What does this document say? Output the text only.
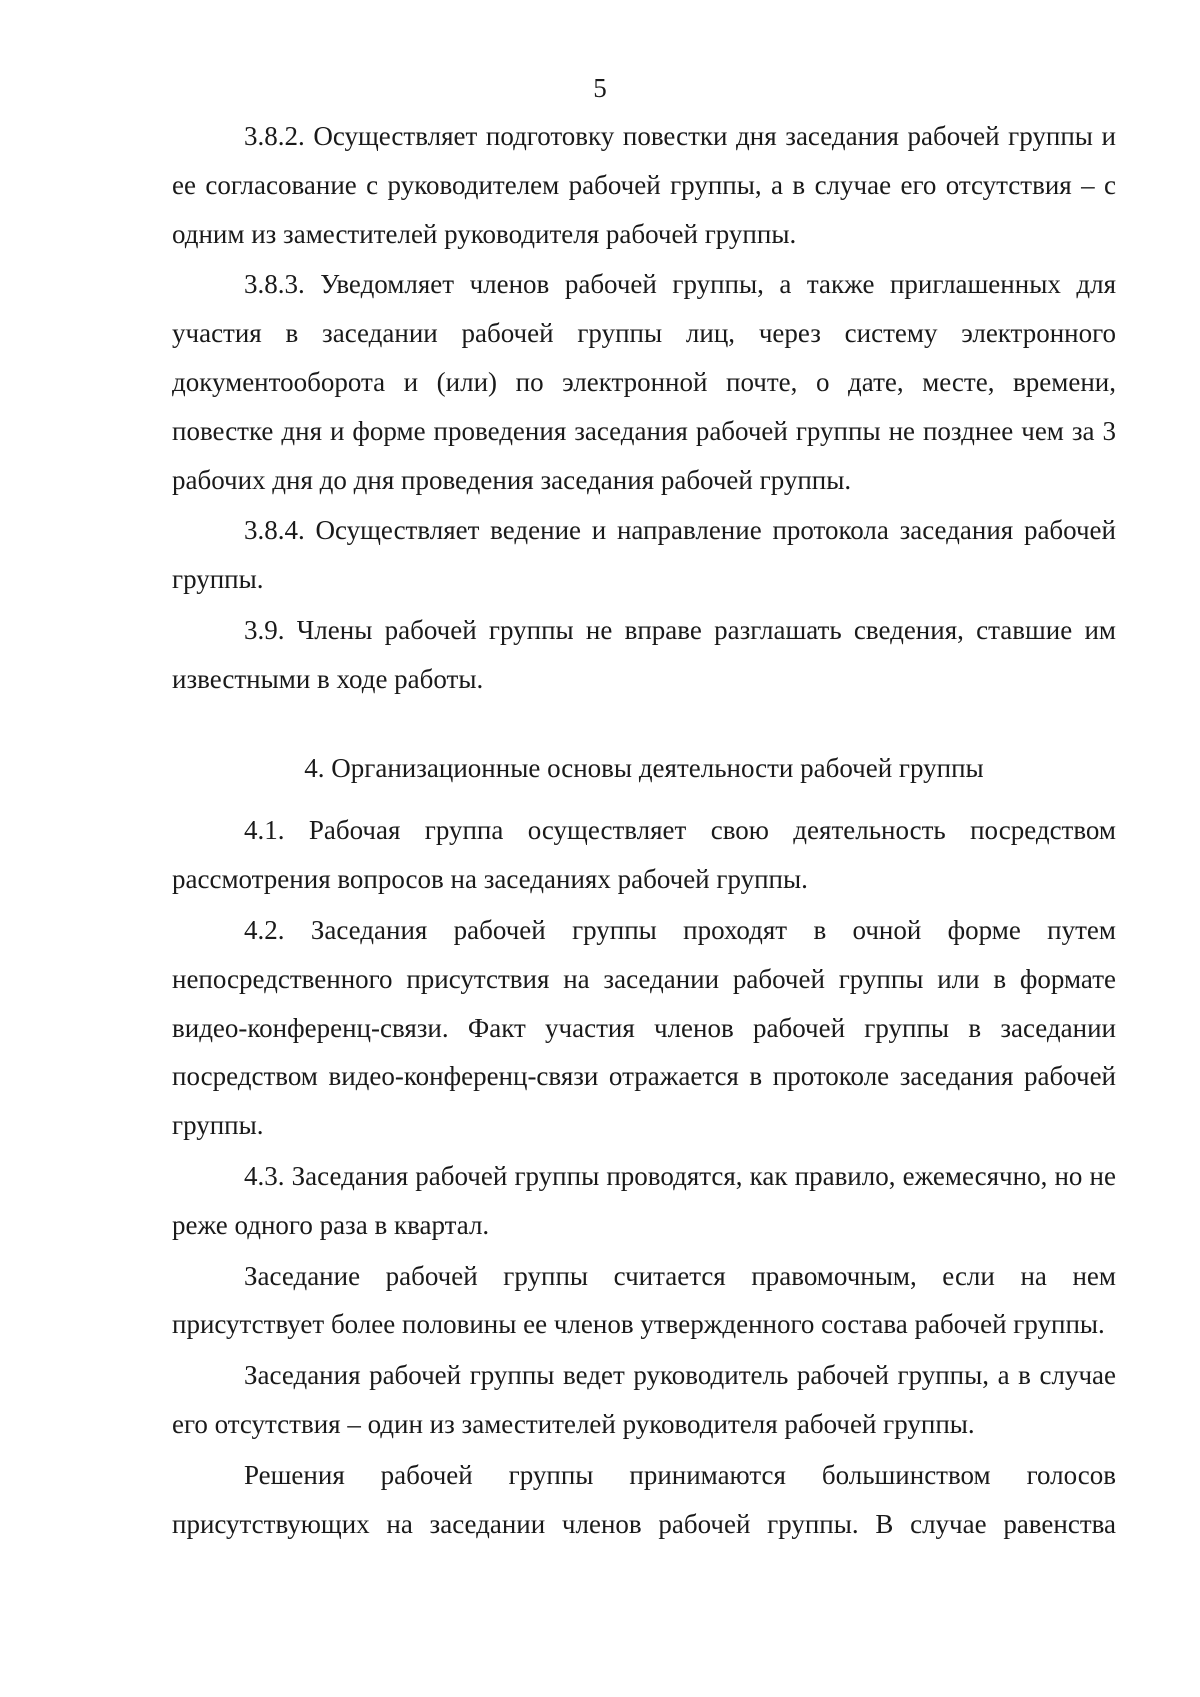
5

3.8.2. Осуществляет подготовку повестки дня заседания рабочей группы и ее согласование с руководителем рабочей группы, а в случае его отсутствия – с одним из заместителей руководителя рабочей группы.

3.8.3. Уведомляет членов рабочей группы, а также приглашенных для участия в заседании рабочей группы лиц, через систему электронного документооборота и (или) по электронной почте, о дате, месте, времени, повестке дня и форме проведения заседания рабочей группы не позднее чем за 3 рабочих дня до дня проведения заседания рабочей группы.

3.8.4. Осуществляет ведение и направление протокола заседания рабочей группы.

3.9. Члены рабочей группы не вправе разглашать сведения, ставшие им известными в ходе работы.

4. Организационные основы деятельности рабочей группы

4.1. Рабочая группа осуществляет свою деятельность посредством рассмотрения вопросов на заседаниях рабочей группы.

4.2. Заседания рабочей группы проходят в очной форме путем непосредственного присутствия на заседании рабочей группы или в формате видео-конференц-связи. Факт участия членов рабочей группы в заседании посредством видео-конференц-связи отражается в протоколе заседания рабочей группы.

4.3. Заседания рабочей группы проводятся, как правило, ежемесячно, но не реже одного раза в квартал.

Заседание рабочей группы считается правомочным, если на нем присутствует более половины ее членов утвержденного состава рабочей группы.

Заседания рабочей группы ведет руководитель рабочей группы, а в случае его отсутствия – один из заместителей руководителя рабочей группы.

Решения рабочей группы принимаются большинством голосов присутствующих на заседании членов рабочей группы. В случае равенства
